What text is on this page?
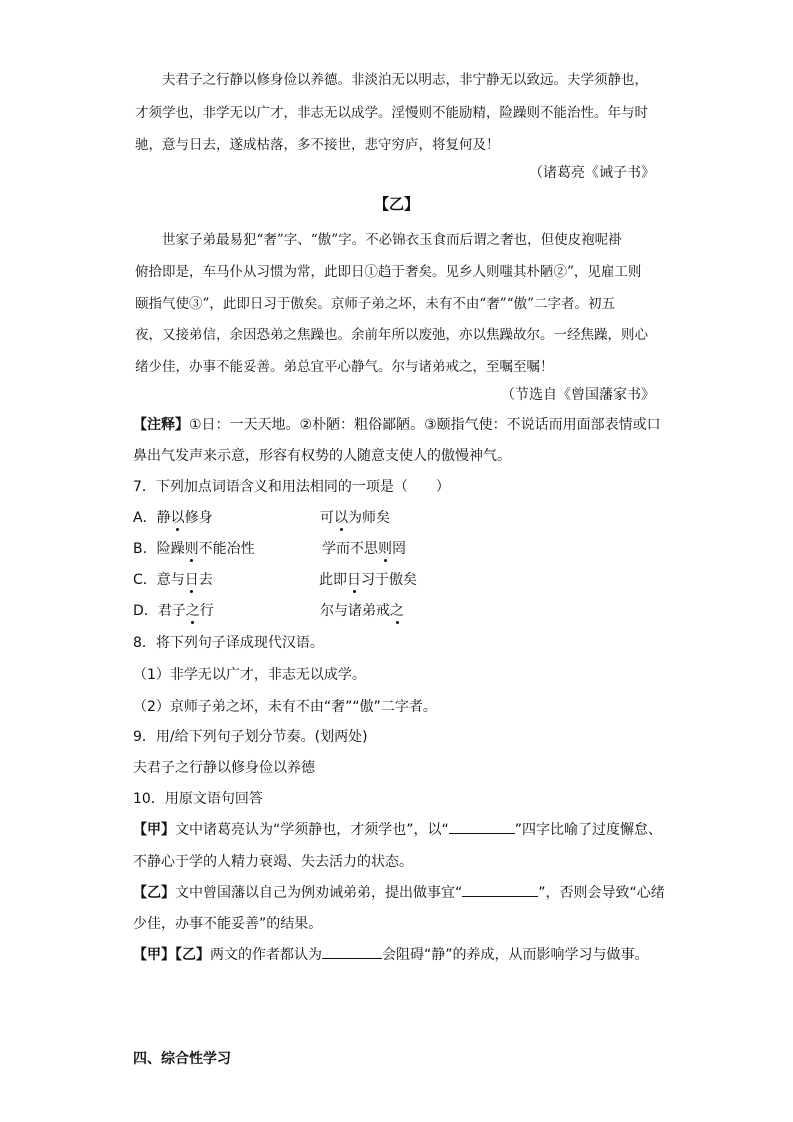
夫君子之行静以修身俭以养德。非淡泊无以明志，非宁静无以致远。夫学须静也，
才须学也，非学无以广才，非志无以成学。淫慢则不能励精，险躁则不能治性。年与时
驰，意与日去，遂成枯落，多不接世，悲守穷庐，将复何及！
（诸葛亮《诫子书》
【乙】
世家子弟最易犯“奢”字、“傲”字。不必锦衣玉食而后谓之奢也，但使皮袍呢褂
俯拾即是，车马仆从习惯为常，此即日①趋于奢矣。见乡人则嗤其朴陋②”，见雇工则
颐指气使③”，此即日习于傲矣。京师子弟之坏，未有不由“奢”“傲”二字者。初五
夜，又接弟信，余因恐弟之焦躁也。余前年所以废弛，亦以焦躁故尔。一经焦躁，则心
绪少佳，办事不能妥善。弟总宜平心静气。尔与诸弟戒之，至嘱至嘱！
（节选自《曾国藩家书》
【注释】①日：一天天地。②朴陋：粗俗鄙陋。③颐指气使：不说话而用面部表情或口
鼻出气发声来示意，形容有权势的人随意支使人的傲慢神气。
7．下列加点词语含义和用法相同的一项是（　　）
A．静以修身	可以为师矣
B．险躁则不能冶性	学而不思则罔
C．意与日去	此即日习于傲矣
D．君子之行	尔与诸弟戒之
8．将下列句子译成现代汉语。
（1）非学无以广才，非志无以成学。
（2）京师子弟之坏，未有不由“奢”“傲”二字者。
9．用/给下列句子划分节奏。(划两处)
夫君子之行静以修身俭以养德
10．用原文语句回答
【甲】文中诸葛亮认为“学须静也，才须学也”，以“	”四字比喻了过度懈怠、
不静心于学的人精力衰竭、失去活力的状态。
【乙】文中曾国藩以自己为例劝诫弟弟，提出做事宜“	”，否则会导致“心绪
少佳，办事不能妥善”的结果。
【甲】【乙】两文的作者都认为	会阻碍“静”的养成，从而影响学习与做事。
四、综合性学习
